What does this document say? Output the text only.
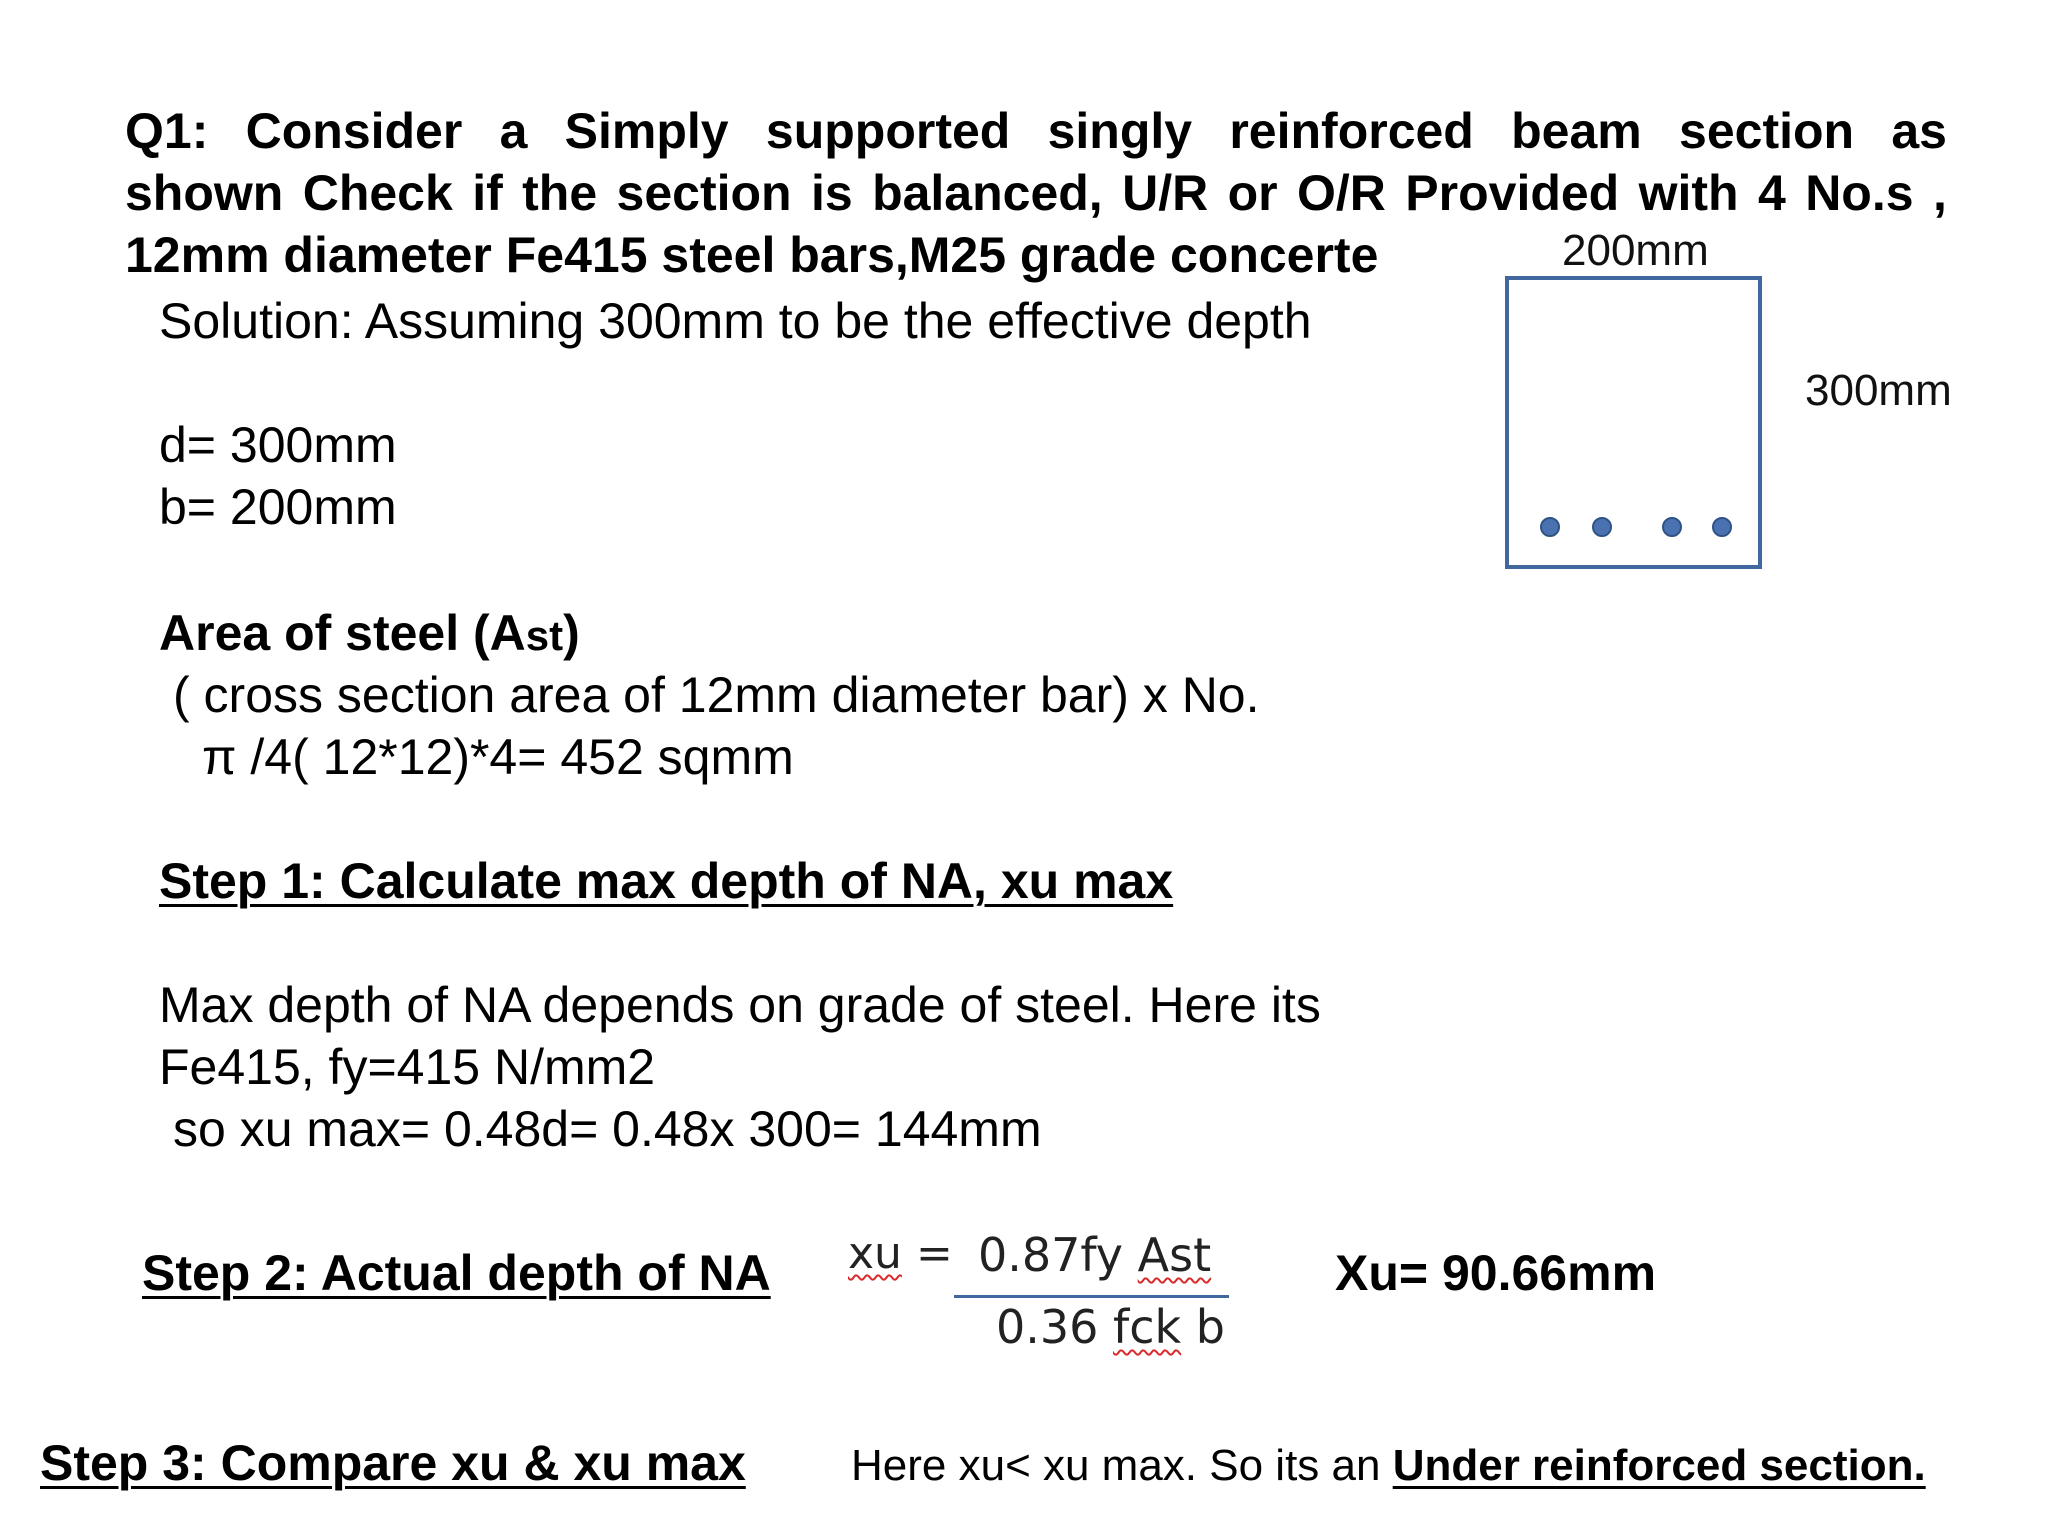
Q1: Consider a Simply supported singly reinforced beam section as
shown Check if the section is balanced, U/R or O/R Provided with 4 No.s ,
12mm diameter Fe415 steel bars,M25 grade concerte	200mm
300mm
Solution: Assuming 300mm to be the effective depth
d= 300mm
b= 200mm
Area of steel (Ast)
( cross section area of 12mm diameter bar) x No.
π /4( 12*12)*4= 452 sqmm
Step 1: Calculate max depth of NA, xu max
Max depth of NA depends on grade of steel. Here its
Fe415, fy=415 N/mm2
so xu max= 0.48d= 0.48x 300= 144mm
Step 2: Actual depth of NA xu = 0.87fy Ast
0.36 fck b
Xu= 90.66mm
Step 3: Compare xu & xu max Here xu< xu max. So its an Under reinforced section.
